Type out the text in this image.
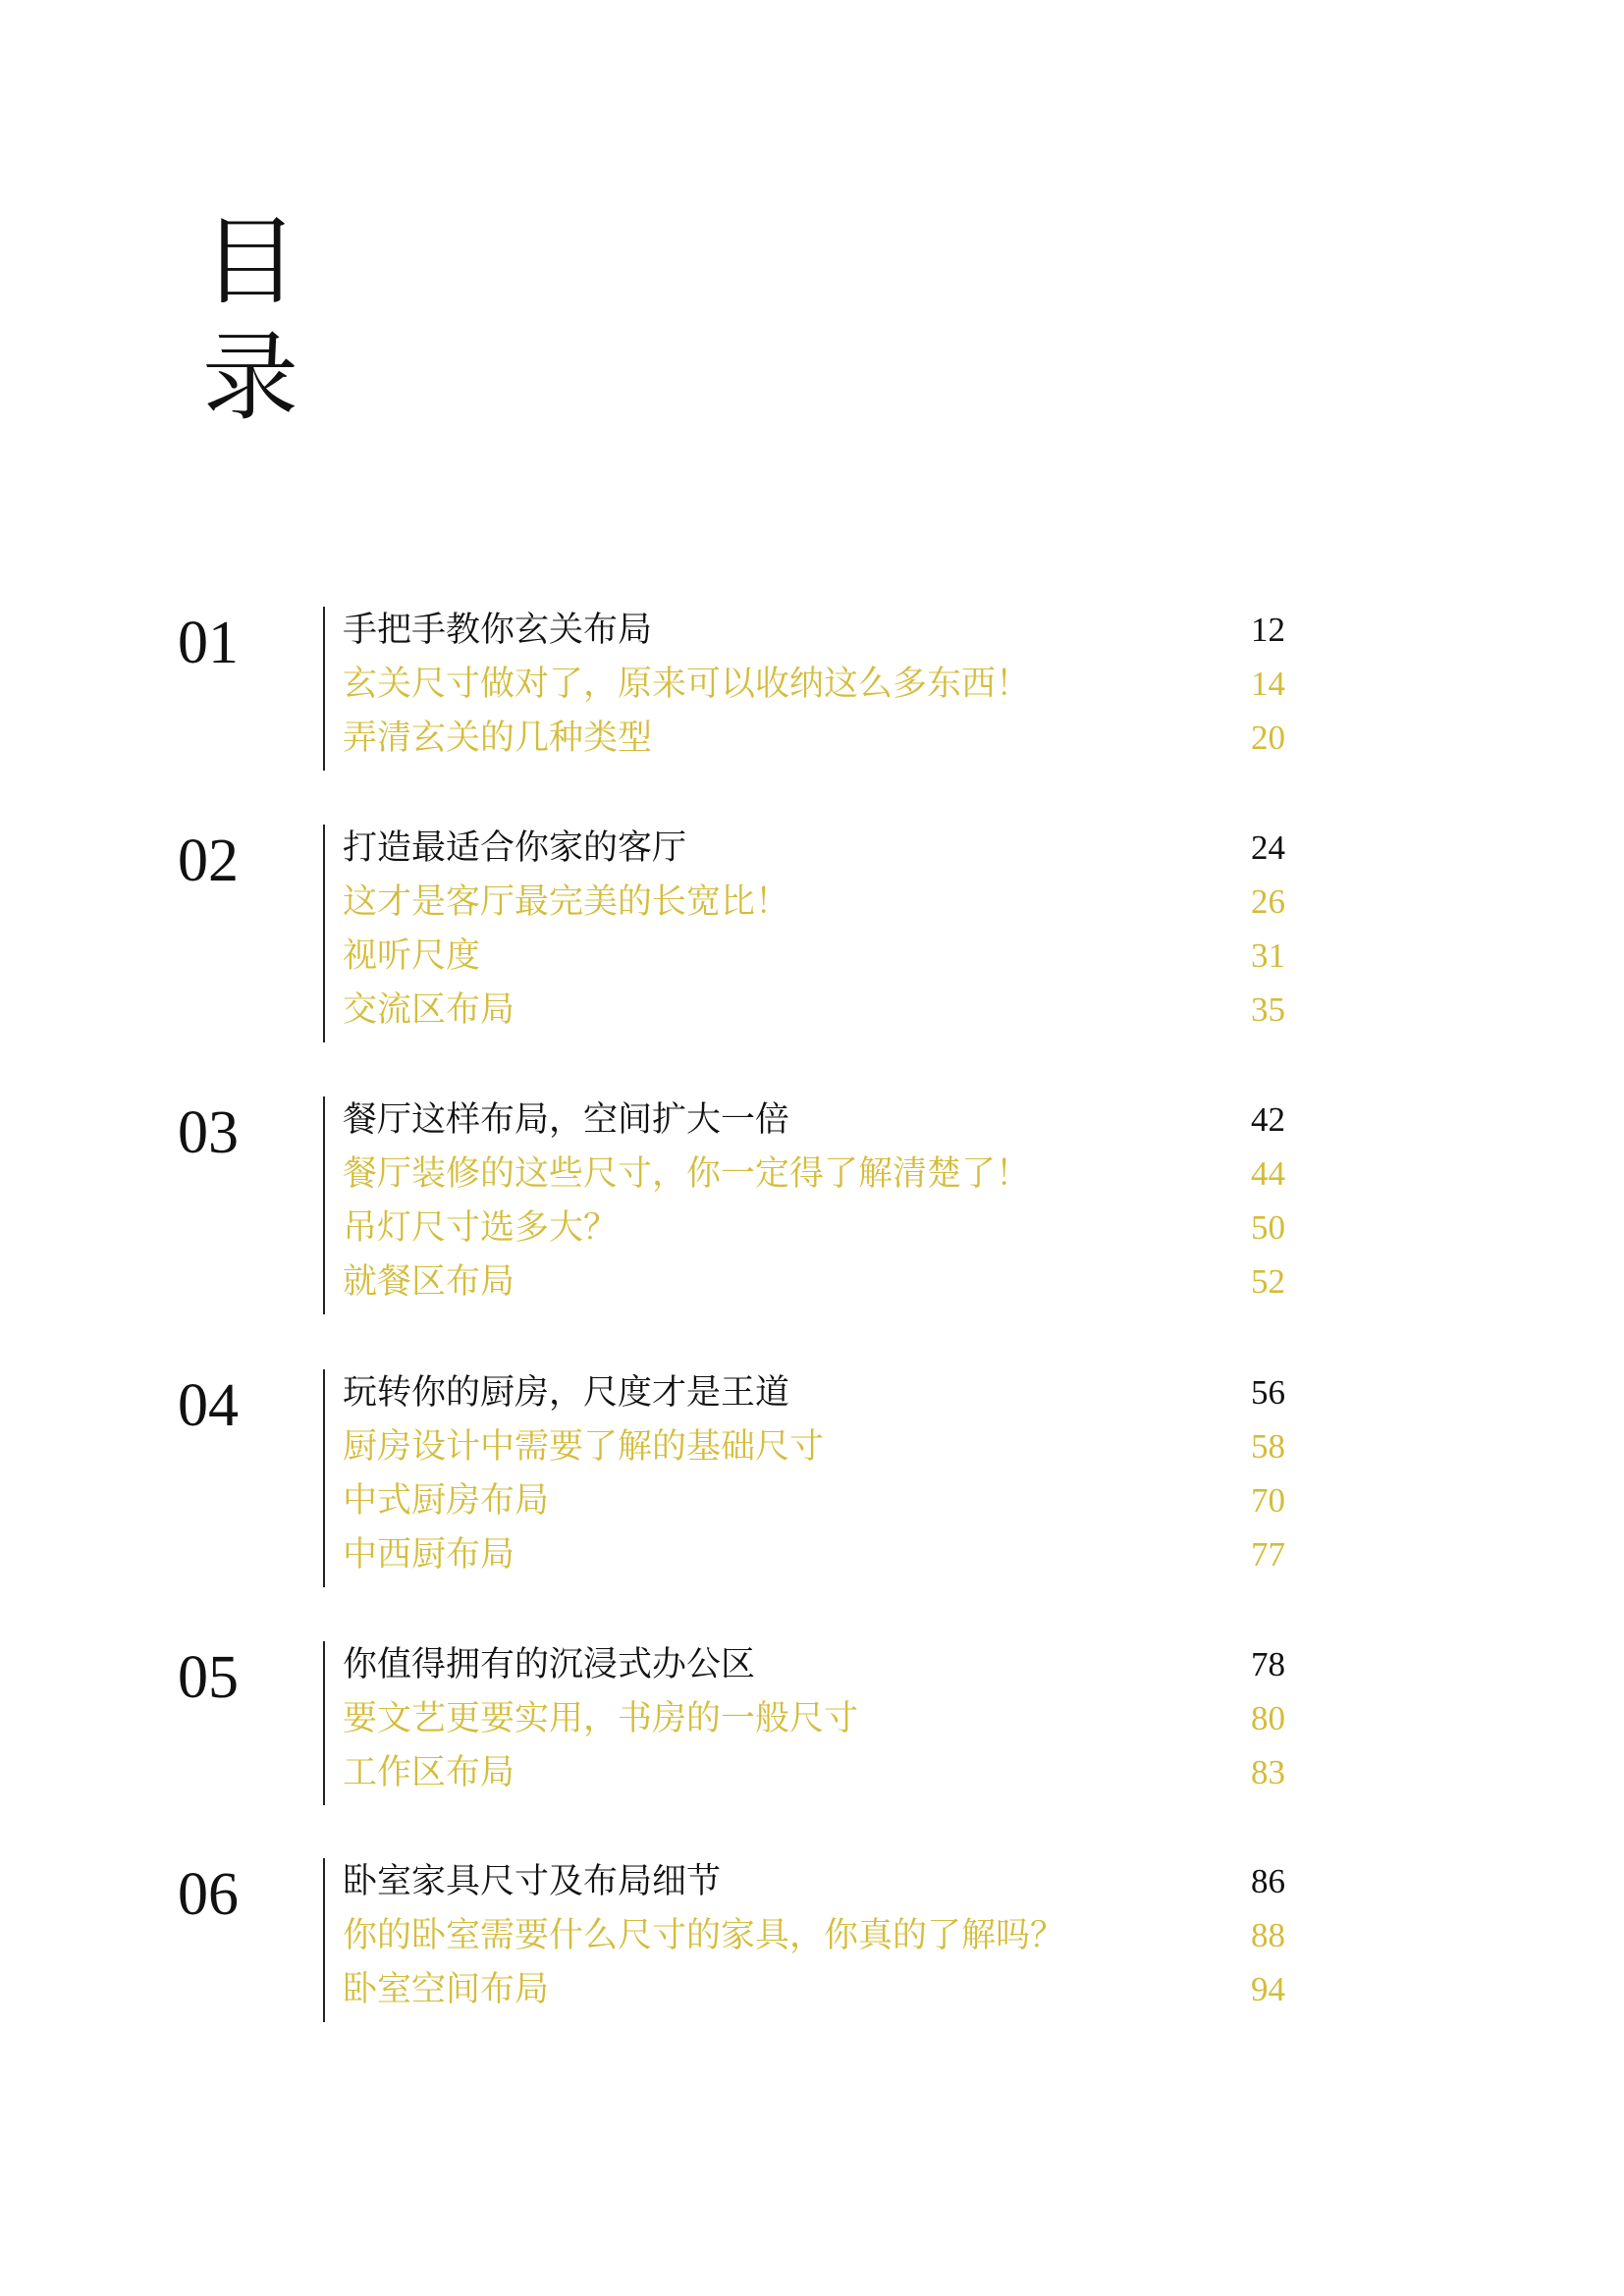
目
录
01	手把手教你玄关布局	12
玄关尺寸做对了，原来可以收纳这么多东西！	14
弄清玄关的几种类型	20
02	打造最适合你家的客厅	24
这才是客厅最完美的长宽比！	26
视听尺度	31
交流区布局	35
03	餐厅这样布局，空间扩大一倍	42
餐厅装修的这些尺寸，你一定得了解清楚了！	44
吊灯尺寸选多大？	50
就餐区布局	52
04	玩转你的厨房，尺度才是王道	56
厨房设计中需要了解的基础尺寸	58
中式厨房布局	70
中西厨布局	77
05	你值得拥有的沉浸式办公区	78
要文艺更要实用，书房的一般尺寸	80
工作区布局	83
06	卧室家具尺寸及布局细节	86
你的卧室需要什么尺寸的家具，你真的了解吗？	88
卧室空间布局	94
